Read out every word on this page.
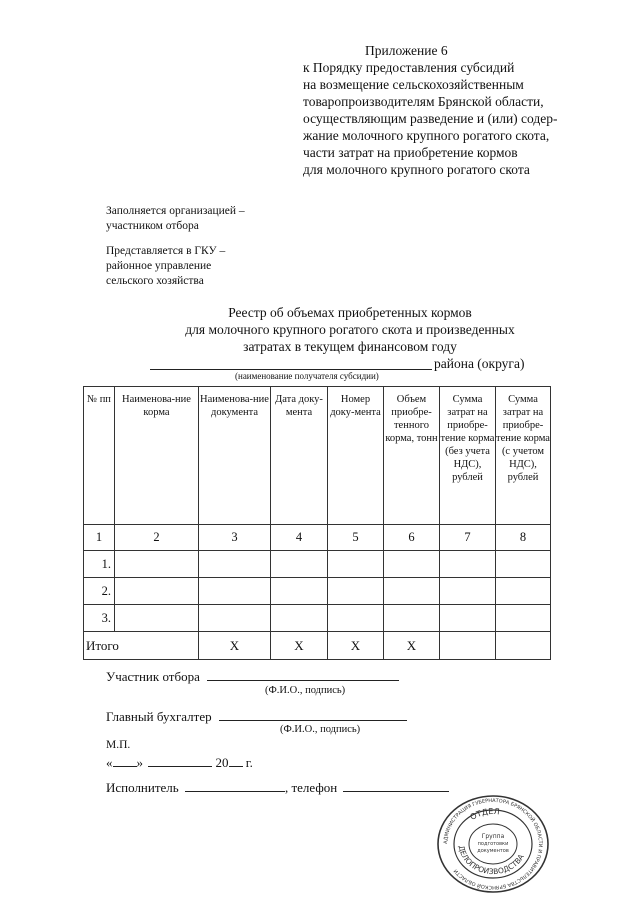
Приложение 6
к Порядку предоставления субсидий
на возмещение сельскохозяйственным
товаропроизводителям Брянской области,
осуществляющим разведение и (или) содер-
жание молочного крупного рогатого скота,
части затрат на приобретение кормов
для молочного крупного рогатого скота
Заполняется организацией –
участником отбора
Представляется в ГКУ –
районное управление
сельского хозяйства
Реестр об объемах приобретенных кормов
для молочного крупного рогатого скота и произведенных
затратах в текущем финансовом году
района (округа)
(наименование получателя субсидии)
№ пп	Наименова-ние корма	Наименова-ние документа	Дата доку-мента	Номер доку-мента	Объем приобре-тенного корма, тонн	Сумма затрат на приобре-тение корма (без учета НДС), рублей	Сумма затрат на приобре-тение корма (с учетом НДС), рублей
1	2	3	4	5	6	7	8
1.							
2.							
3.							
Итого		X	X	X	X		
Участник отбора
(Ф.И.О., подпись)
Главный бухгалтер
(Ф.И.О., подпись)
М.П.
« »	20 г.
Исполнитель	, телефон
АДМИНИСТРАЦИЯ ГУБЕРНАТОРА БРЯНСКОЙ ОБЛАСТИ И ПРАВИТЕЛЬСТВА БРЯНСКОЙ ОБЛАСТИ
ОТДЕЛ
ДЕЛОПРОИЗВОДСТВА
Группа
подготовки
документов
